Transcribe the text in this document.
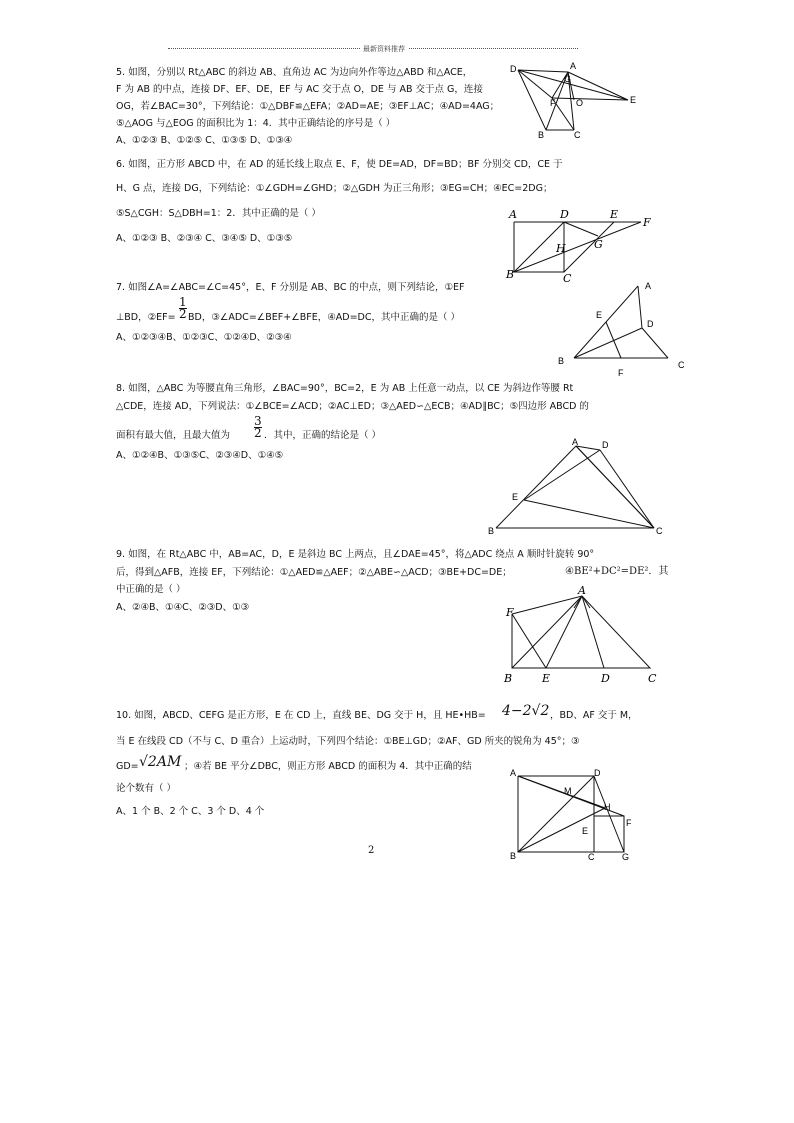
最新资料推荐
5. 如图，分别以 Rt△ABC 的斜边 AB、直角边 AC 为边向外作等边△ABD 和△ACE，
F 为 AB 的中点，连接 DF、EF、DE，EF 与 AC 交于点 O，DE 与 AB 交于点 G，连接
OG，若∠BAC=30°，下列结论：①△DBF≌△EFA；②AD=AE；③EF⊥AC；④AD=4AG；
⑤△AOG 与△EOG 的面积比为 1：4．其中正确结论的序号是（ ）
A、①②③ B、①②⑤ C、①③⑤ D、①③④
D
G
A
E
F O
B	C
6. 如图，正方形 ABCD 中，在 AD 的延长线上取点 E、F，使 DE=AD，DF=BD；BF 分别交 CD，CE 于
H、G 点，连接 DG，下列结论：①∠GDH=∠GHD；②△GDH 为正三角形；③EG=CH；④EC=2DG；
⑤S△CGH：S△DBH=1：2．其中正确的是（ ）
A、①②③ B、②③④ C、③④⑤ D、①③⑤
A	D	E
F
H	G
B	C
7. 如图∠A=∠ABC=∠C=45°，E、F 分别是 AB、BC 的中点，则下列结论，①EF
⊥BD，②EF= $\frac{1}{2}$ BD，③∠ADC=∠BEF+∠BFE，④AD=DC，其中正确的是（ ）
A、①②③④B、①②③C、①②④D、②③④
A
E
D
B
F
C
8. 如图，△ABC 为等腰直角三角形，∠BAC=90°，BC=2，E 为 AB 上任意一动点，以 CE 为斜边作等腰 Rt
△CDE，连接 AD，下列说法：①∠BCE=∠ACD；②AC⊥ED；③△AED∽△ECB；④AD∥BC；⑤四边形 ABCD 的
面积有最大值，且最大值为 $\frac{3}{2}$ ．其中，正确的结论是（ ）
A、①②④B、①③⑤C、②③④D、①④⑤
A	D
E
B	C
9. 如图，在 Rt△ABC 中，AB=AC，D，E 是斜边 BC 上两点，且∠DAE=45°，将△ADC 绕点 A 顺时针旋转 90°
后，得到△AFB，连接 EF，下列结论：①△AED≌△AEF；②△ABE∽△ACD；③BE+DC=DE；	④BE²+DC²=DE²．其
中正确的是（ ）
A、②④B、①④C、②③D、①③
A
F
B	E	D	C
10. 如图，ABCD、CEFG 是正方形，E 在 CD 上，直线 BE、DG 交于 H，且 HE•HB= 4−2√2 ，BD、AF 交于 M，
当 E 在线段 CD（不与 C、D 重合）上运动时，下列四个结论：①BE⊥GD；②AF、GD 所夹的锐角为 45°；③
GD= √2AM ；④若 BE 平分∠DBC，则正方形 ABCD 的面积为 4．其中正确的结
论个数有（ ）
A、1 个 B、2 个 C、3 个 D、4 个
A	D
M
H
E
F
B	C	G
2
